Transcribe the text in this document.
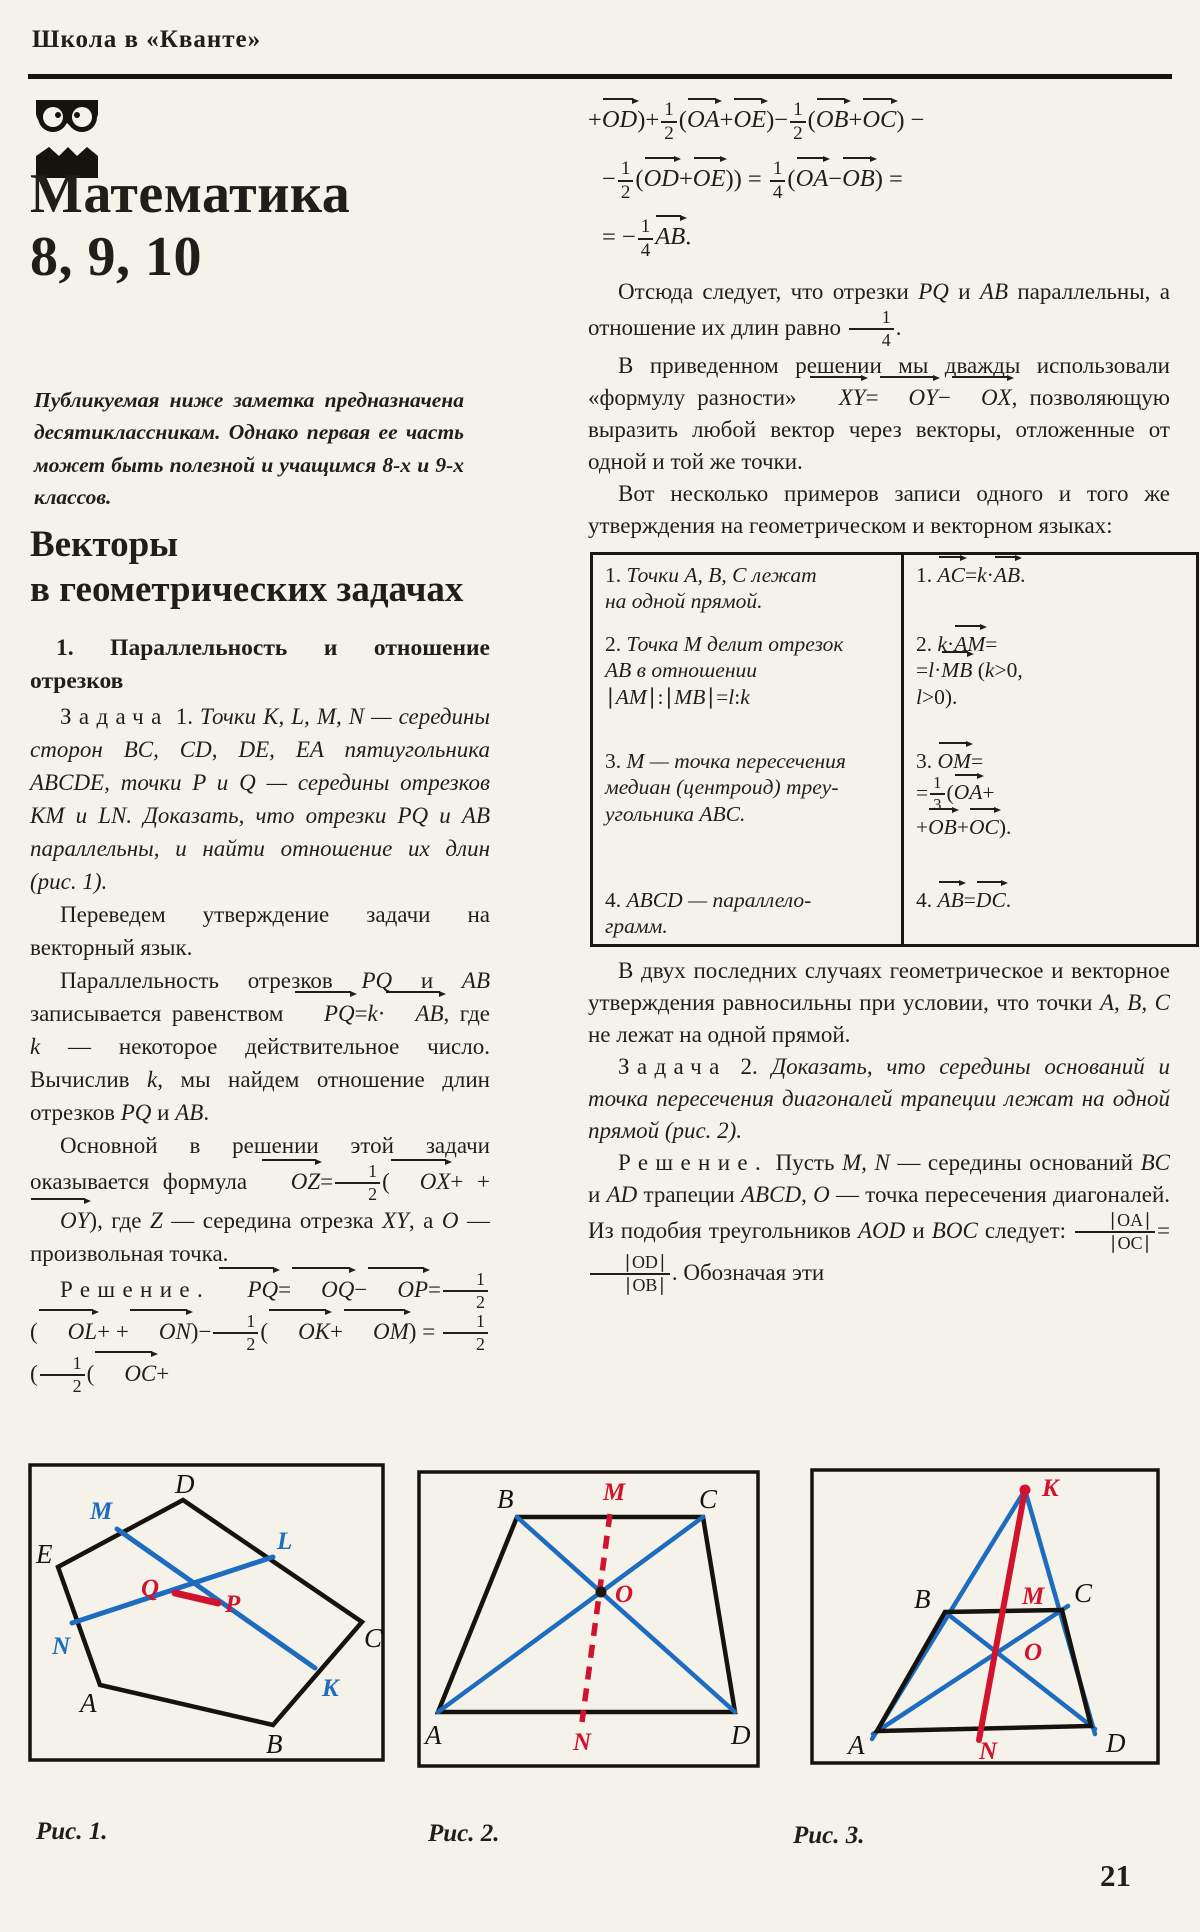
Школа в «Кванте»
Математика
8, 9, 10
Публикуемая ниже заметка предназначена десятиклассникам. Однако первая ее часть может быть полезной и учащимся 8-х и 9-х классов.
Векторы
в геометрических задачах
1. Параллельность и отношение отрезков

Задача 1. Точки K, L, M, N — середины сторон BC, CD, DE, EA пятиугольника ABCDE, точки P и Q — середины отрезков KM и LN. Доказать, что отрезки PQ и AB параллельны, и найти отношение их длин (рис. 1).

Переведем утверждение задачи на векторный язык.

Параллельность отрезков PQ и AB записывается равенством
PQ=k· AB, где k — некоторое действительное число. Вычислив k, мы найдем отношение длин отрезков PQ и AB.

Основной в решении этой задачи оказывается формула
$OZ= \frac{1}{2}$ ( OX+ +
OY), где Z — середина отрезка XY, а O — произвольная точка.

Решение. $PQ= OQ- OP= \frac{1}{2}$
( $OL+ + ON)- \frac{1}{2}$ ( $OK+ OM) = \frac{1}{2}$
( $\frac{1}{2}$ ( OC+

+
$OD)+ \frac{1}{2}$ (
OA+
$OE)- \frac{1}{2}$ (
OB+
OC) −
− $\frac{1}{2}$ (
OD+
$OE)) = \frac{1}{4}$ (
OA−
OB) =
= − $\frac{1}{4}$ AB.

Отсюда следует, что отрезки PQ и AB параллельны, а отношение их длин равно $\frac{1}{4}$ .

В приведенном решении мы дважды использовали «формулу разности»
XY= OY− OX, позволяющую выразить любой вектор через векторы, отложенные от одной и той же точки.

Вот несколько примеров записи одного и того же утверждения на геометрическом и векторном языках:

1. Точки A, B, C лежат
на одной прямой.	1.
AC=k·
AB.
2. Точка M делит отрезок
AB в отношении
∣AM∣:∣MB∣=l:k	2. k·
AM=
=l·
MB (k>0,
l>0).
3. M — точка пересечения
медиан (центроид) треу-
угольника ABC.	3.
OM=
= $\frac{1}{3}$ (
OA+
+
OB+
OC).
4. ABCD — параллело-
грамм.	4.
AB=
DC.

В двух последних случаях геометрическое и векторное утверждения равносильны при условии, что точки A, B, C не лежат на одной прямой.

Задача 2. Доказать, что середины оснований и точка пересечения диагоналей трапеции лежат на одной прямой (рис. 2).

Решение. Пусть M, N — середины оснований BC и AD трапеции ABCD, O — точка пересечения диагоналей. Из подобия треугольников AOD и BOC следует: $\frac{∣OA∣}{∣OC∣}$ =
$\frac{∣OD∣}{∣OB∣}$ . Обозначая эти

D
E
A
B
C
M
L
N
K
Q
P
Рис. 1.
B	C
A	D
M
O
N
Рис. 2.
B	C
A	D
K
M
O
N
Рис. 3.
21
